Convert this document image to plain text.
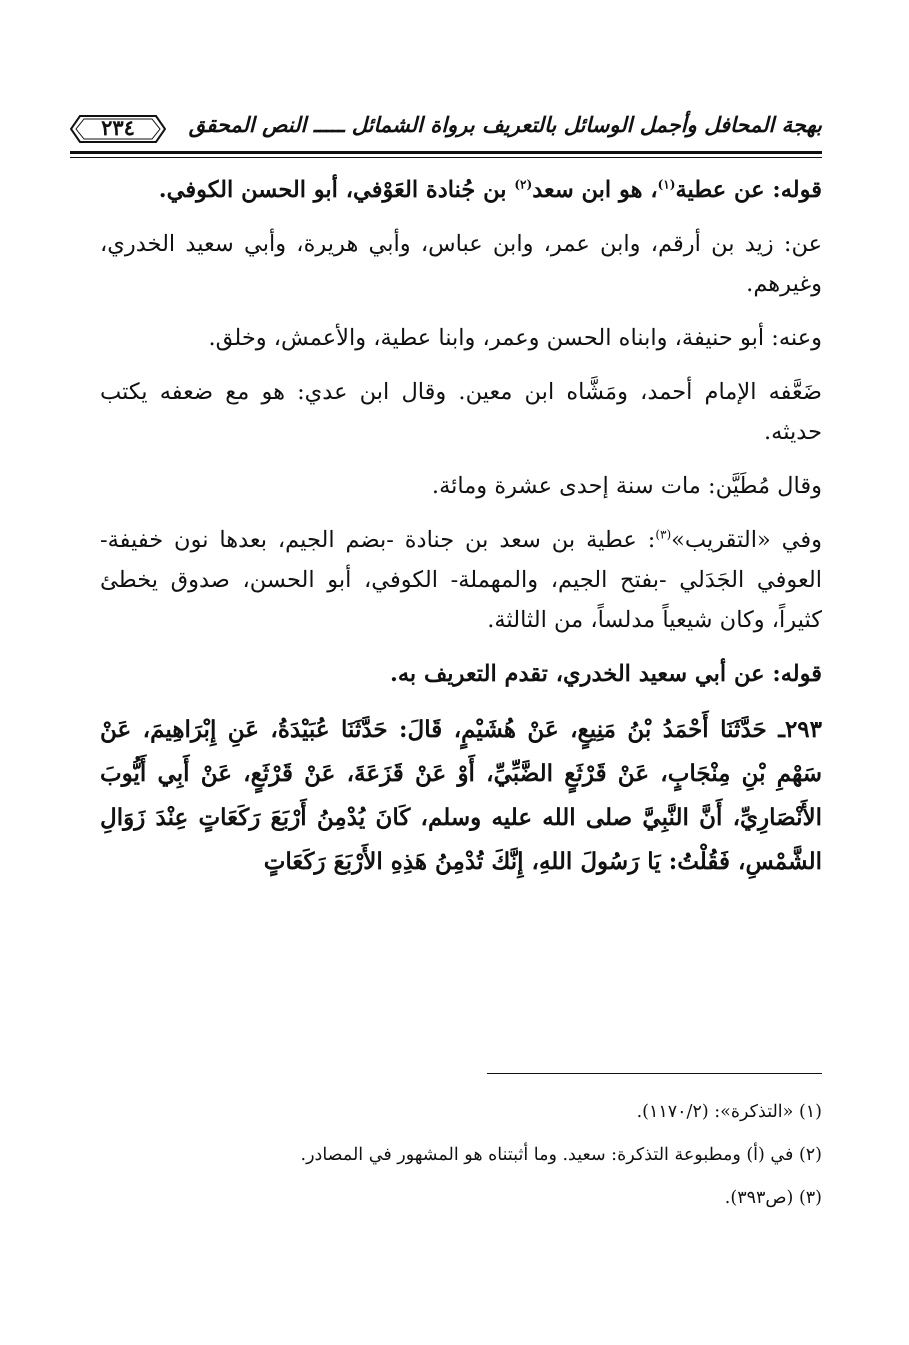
بهجة المحافل وأجمل الوسائل بالتعريف برواة الشمائل ـــــ النص المحقق
٢٣٤

قوله: عن عطية$^{(١)}$، هو ابن سعد$^{(٢)}$ بن جُنادة العَوْفي، أبو الحسن الكوفي.

عن: زيد بن أرقم، وابن عمر، وابن عباس، وأبي هريرة، وأبي سعيد الخدري، وغيرهم.

وعنه: أبو حنيفة، وابناه الحسن وعمر، وابنا عطية، والأعمش، وخلق.

ضَعَّفه الإمام أحمد، ومَشَّاه ابن معين. وقال ابن عدي: هو مع ضعفه يكتب حديثه.

وقال مُطَيَّن: مات سنة إحدى عشرة ومائة.

وفي «التقريب»$^{(٣)}$: عطية بن سعد بن جنادة -بضم الجيم، بعدها نون خفيفة- العوفي الجَدَلي -بفتح الجيم، والمهملة- الكوفي، أبو الحسن، صدوق يخطئ كثيراً، وكان شيعياً مدلساً، من الثالثة.

قوله: عن أبي سعيد الخدري، تقدم التعريف به.

٢٩٣ـ حَدَّثَنَا أَحْمَدُ بْنُ مَنِيعٍ، عَنْ هُشَيْمٍ، قَالَ: حَدَّثَنَا عُبَيْدَةُ، عَنِ إِبْرَاهِيمَ، عَنْ سَهْمِ بْنِ مِنْجَابٍ، عَنْ قَرْثَعٍ الضَّبِّيِّ، أَوْ عَنْ قَزَعَةَ، عَنْ قَرْثَعٍ، عَنْ أَبِي أَيُّوبَ الأَنْصَارِيِّ، أَنَّ النَّبِيَّ صلى الله عليه وسلم، كَانَ يُدْمِنُ أَرْبَعَ رَكَعَاتٍ عِنْدَ زَوَالِ الشَّمْسِ، فَقُلْتُ: يَا رَسُولَ اللهِ، إِنَّكَ تُدْمِنُ هَذِهِ الأَرْبَعَ رَكَعَاتٍ

(١) «التذكرة»: (١١٧٠/٢).
(٢) في (أ) ومطبوعة التذكرة: سعيد. وما أثبتناه هو المشهور في المصادر.
(٣) (ص٣٩٣).
